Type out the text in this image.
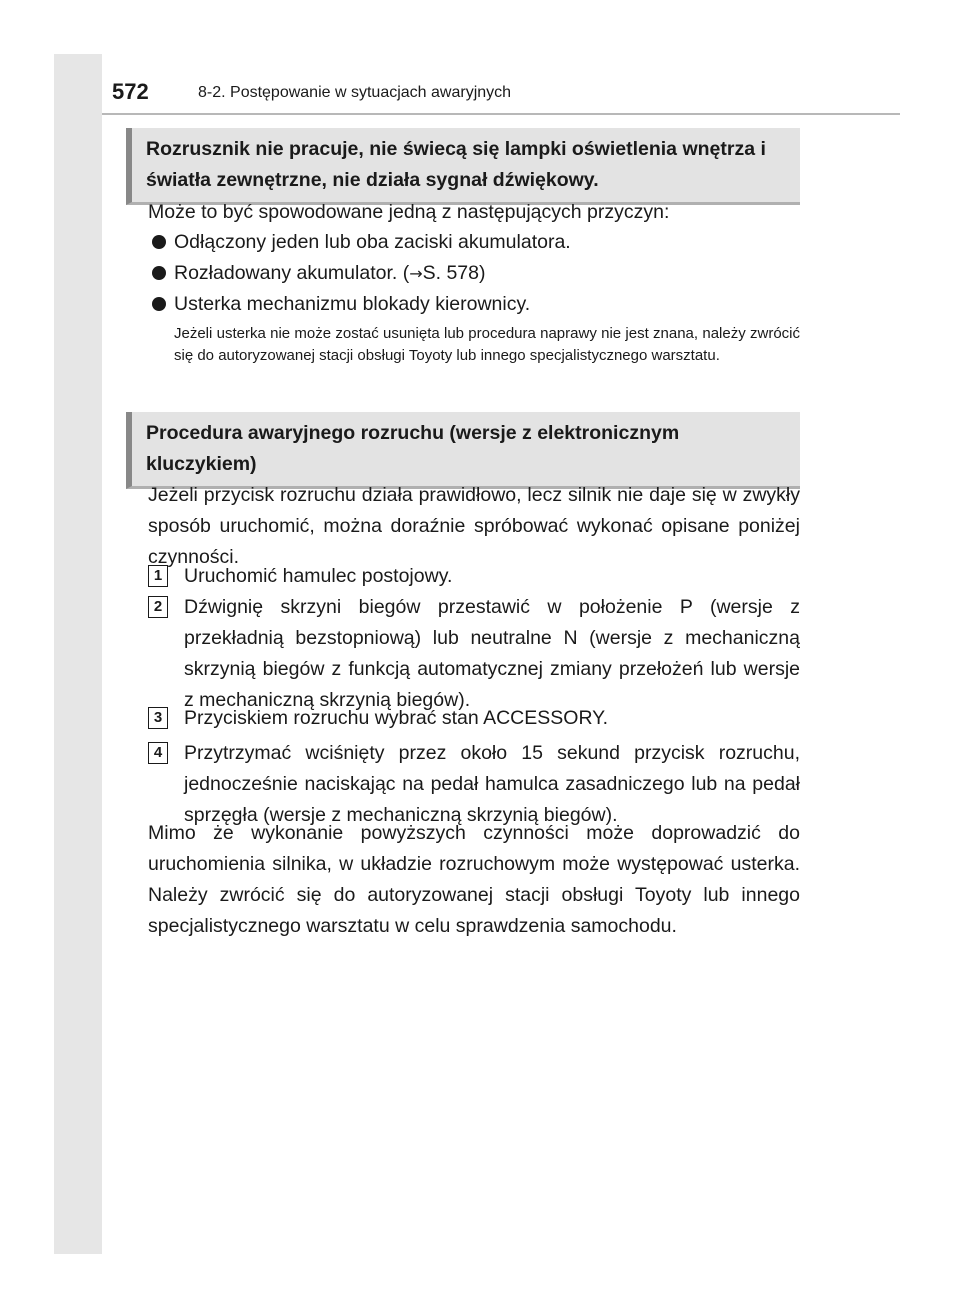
572	8-2. Postępowanie w sytuacjach awaryjnych
Rozrusznik nie pracuje, nie świecą się lampki oświetlenia wnętrza i światła zewnętrzne, nie działa sygnał dźwiękowy.
Może to być spowodowane jedną z następujących przyczyn:
Odłączony jeden lub oba zaciski akumulatora.
Rozładowany akumulator. (→S. 578)
Usterka mechanizmu blokady kierownicy.
Jeżeli usterka nie może zostać usunięta lub procedura naprawy nie jest znana, należy zwrócić się do autoryzowanej stacji obsługi Toyoty lub innego specjalistycznego warsztatu.
Procedura awaryjnego rozruchu (wersje z elektronicznym kluczykiem)
Jeżeli przycisk rozruchu działa prawidłowo, lecz silnik nie daje się w zwykły sposób uruchomić, można doraźnie spróbować wykonać opisane poniżej czynności.
1 Uruchomić hamulec postojowy.
2 Dźwignię skrzyni biegów przestawić w położenie P (wersje z przekładnią bezstopniową) lub neutralne N (wersje z mechaniczną skrzynią biegów z funkcją automatycznej zmiany przełożeń lub wersje z mechaniczną skrzynią biegów).
3 Przyciskiem rozruchu wybrać stan ACCESSORY.
4 Przytrzymać wciśnięty przez około 15 sekund przycisk rozruchu, jednocześnie naciskając na pedał hamulca zasadniczego lub na pedał sprzęgła (wersje z mechaniczną skrzynią biegów).
Mimo że wykonanie powyższych czynności może doprowadzić do uruchomienia silnika, w układzie rozruchowym może występować usterka. Należy zwrócić się do autoryzowanej stacji obsługi Toyoty lub innego specjalistycznego warsztatu w celu sprawdzenia samochodu.
